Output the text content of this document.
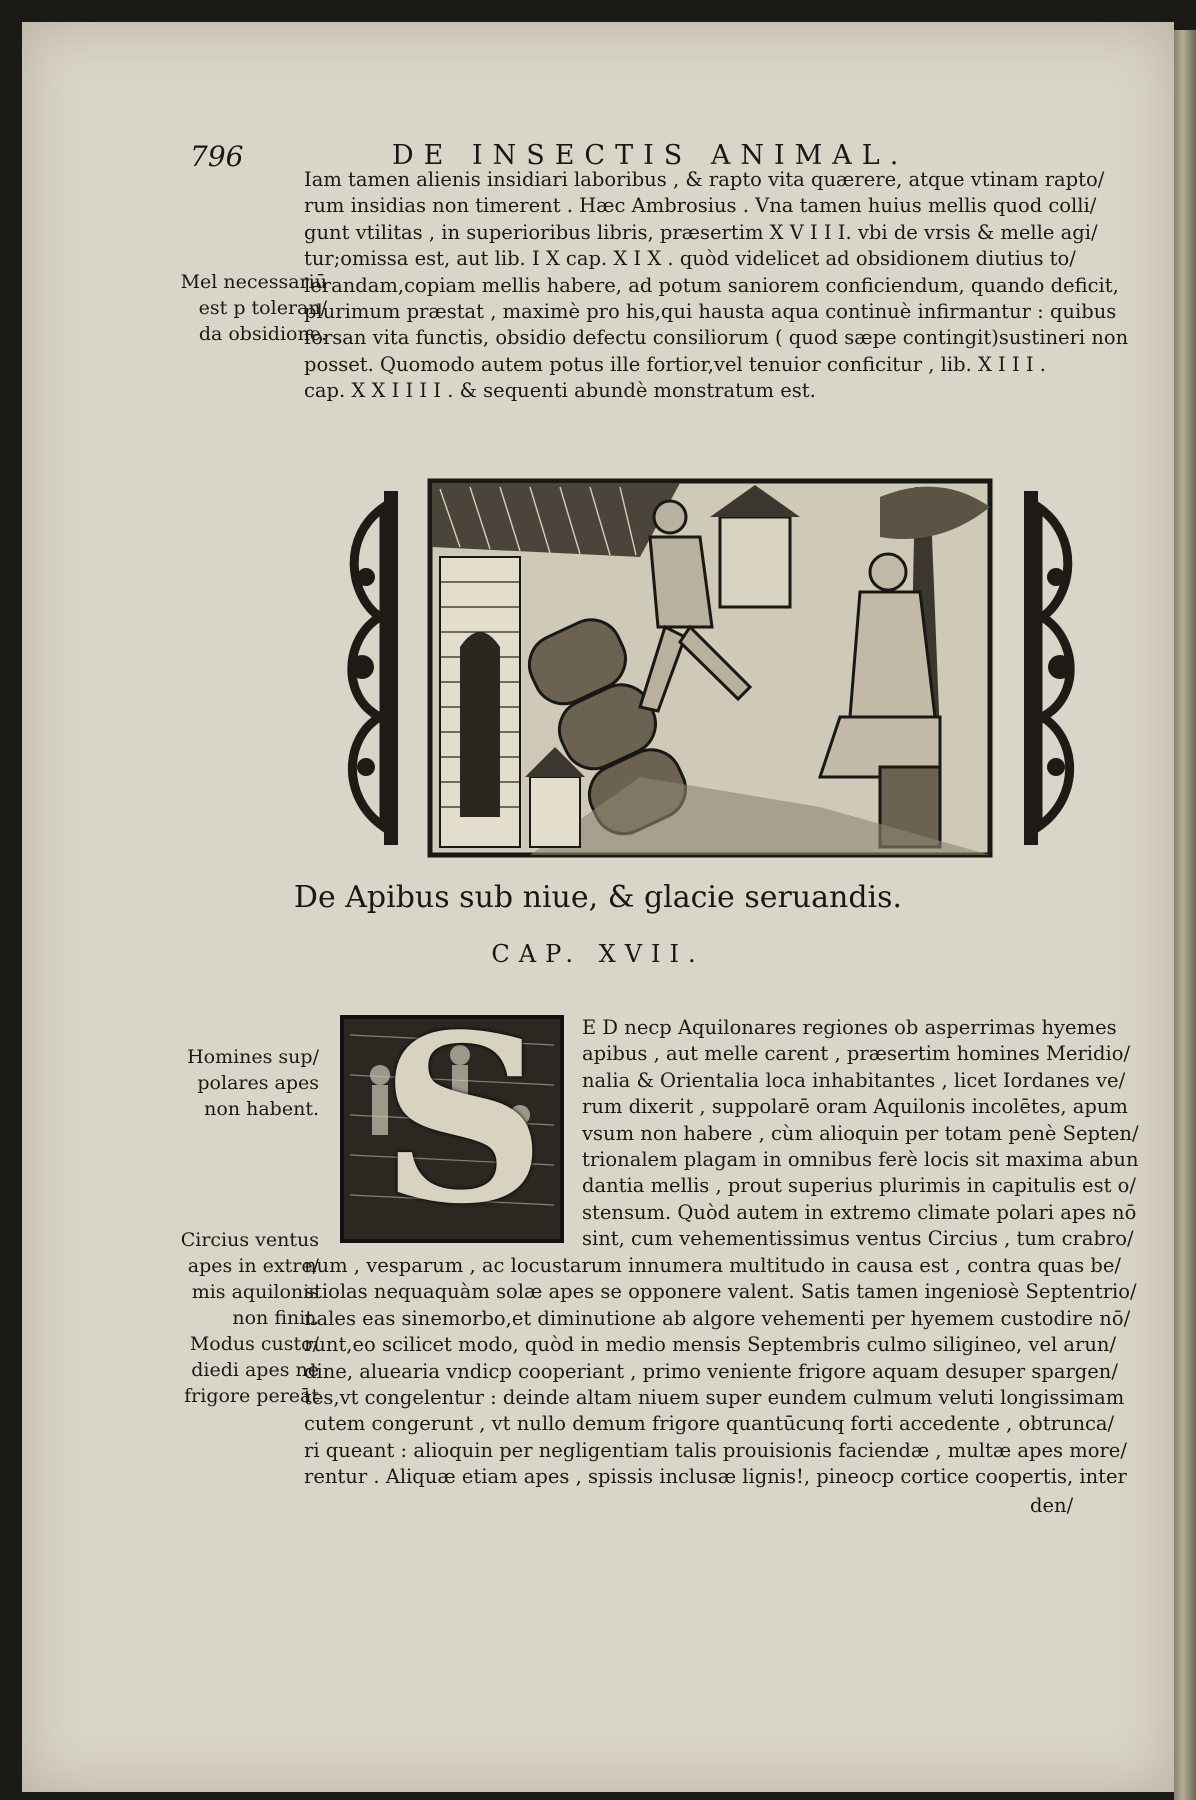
796	DE INSECTIS ANIMAL.
Mel necessariū
est p toleran/
da obsidione.
Iam tamen alienis insidiari laboribus , & rapto vita quærere, atque vtinam rapto/
rum insidias non timerent . Hæc Ambrosius . Vna tamen huius mellis quod colli/
gunt vtilitas , in superioribus libris, præsertim X V I I I. vbi de vrsis & melle agi/
tur;omissa est, aut lib. I X cap. X I X . quòd videlicet ad obsidionem diutius to/
lerandam,copiam mellis habere, ad potum saniorem conficiendum, quando deficit,
plurimum præstat , maximè pro his,qui hausta aqua continuè infirmantur : quibus
forsan vita functis, obsidio defectu consiliorum ( quod sæpe contingit)sustineri non
posset. Quomodo autem potus ille fortior,vel tenuior conficitur , lib. X I I I .
cap. X X I I I I . & sequenti abundè monstratum est.
De Apibus sub niue, & glacie seruandis.
CAP. XVII.
S
Homines sup/
polares apes
non habent.
Circius ventus
apes in extre/
mis aquilonis
non finit.
Modus custo/
diedi apes ne
frigore pereāt
E D necp Aquilonares regiones ob asperrimas hyemes
apibus , aut melle carent , præsertim homines Meridio/
nalia & Orientalia loca inhabitantes , licet Iordanes ve/
rum dixerit , suppolarē oram Aquilonis incolētes, apum
vsum non habere , cùm alioquin per totam penè Septen/
trionalem plagam in omnibus ferè locis sit maxima abun
dantia mellis , prout superius plurimis in capitulis est o/
stensum. Quòd autem in extremo climate polari apes nō
sint, cum vehementissimus ventus Circius , tum crabro/
num , vesparum , ac locustarum innumera multitudo in causa est , contra quas be/
stiolas nequaquàm solæ apes se opponere valent. Satis tamen ingeniosè Septentrio/
nales eas sinemorbo,et diminutione ab algore vehementi per hyemem custodire nō/
runt,eo scilicet modo, quòd in medio mensis Septembris culmo siligineo, vel arun/
dine, aluearia vndicp cooperiant , primo veniente frigore aquam desuper spargen/
tes,vt congelentur : deinde altam niuem super eundem culmum veluti longissimam
cutem congerunt , vt nullo demum frigore quantūcunq forti accedente , obtrunca/
ri queant : alioquin per negligentiam talis prouisionis faciendæ , multæ apes more/
rentur . Aliquæ etiam apes , spissis inclusæ lignis!, pineocp cortice coopertis, inter
den/
